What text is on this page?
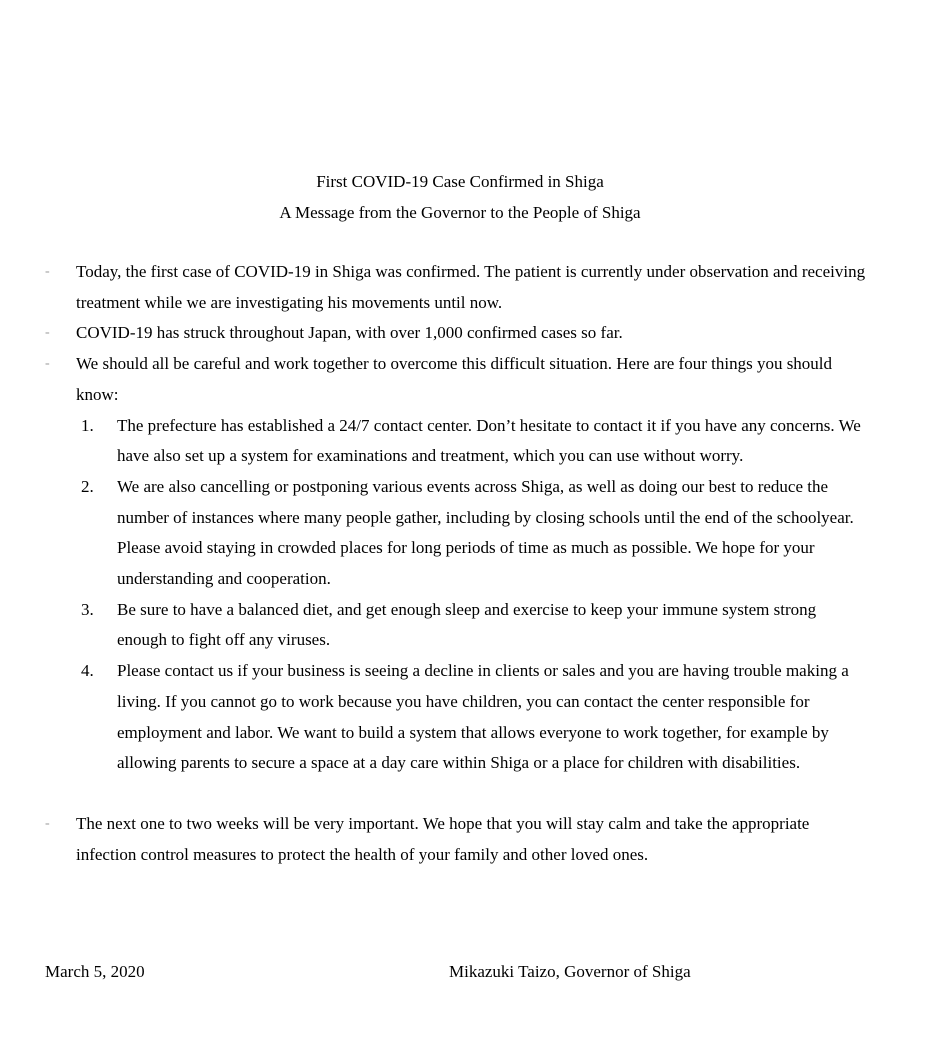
First COVID-19 Case Confirmed in Shiga
A Message from the Governor to the People of Shiga
- Today, the first case of COVID-19 in Shiga was confirmed. The patient is currently under observation and receiving treatment while we are investigating his movements until now.
- COVID-19 has struck throughout Japan, with over 1,000 confirmed cases so far.
- We should all be careful and work together to overcome this difficult situation. Here are four things you should know:
1. The prefecture has established a 24/7 contact center. Don’t hesitate to contact it if you have any concerns. We have also set up a system for examinations and treatment, which you can use without worry.
2. We are also cancelling or postponing various events across Shiga, as well as doing our best to reduce the number of instances where many people gather, including by closing schools until the end of the schoolyear. Please avoid staying in crowded places for long periods of time as much as possible. We hope for your understanding and cooperation.
3. Be sure to have a balanced diet, and get enough sleep and exercise to keep your immune system strong enough to fight off any viruses.
4. Please contact us if your business is seeing a decline in clients or sales and you are having trouble making a living. If you cannot go to work because you have children, you can contact the center responsible for employment and labor. We want to build a system that allows everyone to work together, for example by allowing parents to secure a space at a day care within Shiga or a place for children with disabilities.
- The next one to two weeks will be very important. We hope that you will stay calm and take the appropriate infection control measures to protect the health of your family and other loved ones.
March 5, 2020	Mikazuki Taizo, Governor of Shiga
